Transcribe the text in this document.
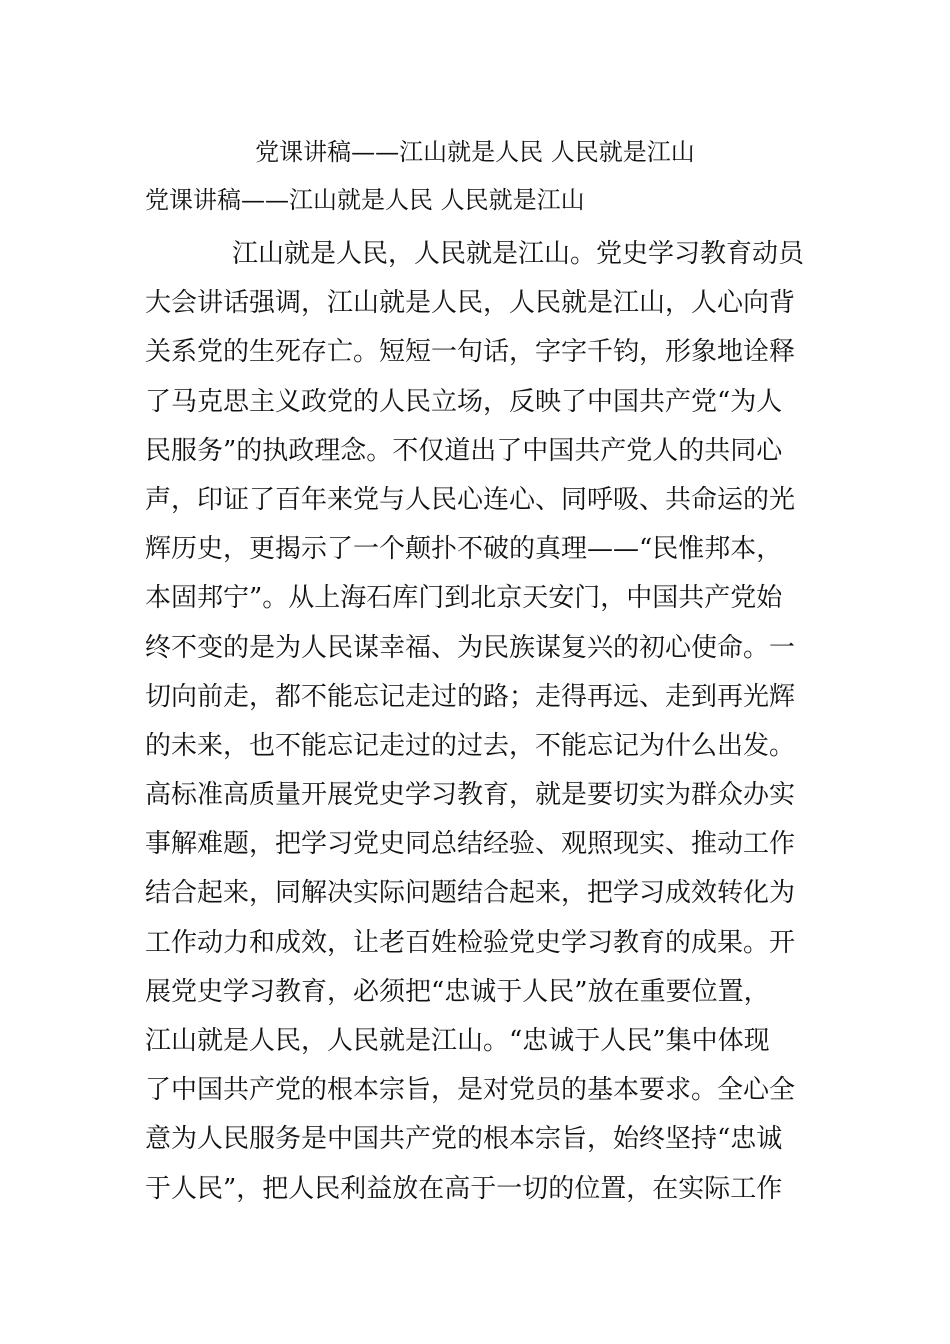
党课讲稿——江山就是人民 人民就是江山
党课讲稿——江山就是人民 人民就是江山
江山就是人民，人民就是江山。党史学习教育动员
大会讲话强调，江山就是人民，人民就是江山，人心向背
关系党的生死存亡。短短一句话，字字千钧，形象地诠释
了马克思主义政党的人民立场，反映了中国共产党“为人
民服务”的执政理念。不仅道出了中国共产党人的共同心
声，印证了百年来党与人民心连心、同呼吸、共命运的光
辉历史，更揭示了一个颠扑不破的真理——“民惟邦本，
本固邦宁”。从上海石库门到北京天安门，中国共产党始
终不变的是为人民谋幸福、为民族谋复兴的初心使命。一
切向前走，都不能忘记走过的路；走得再远、走到再光辉
的未来，也不能忘记走过的过去，不能忘记为什么出发。
高标准高质量开展党史学习教育，就是要切实为群众办实
事解难题，把学习党史同总结经验、观照现实、推动工作
结合起来，同解决实际问题结合起来，把学习成效转化为
工作动力和成效，让老百姓检验党史学习教育的成果。开
展党史学习教育，必须把“忠诚于人民”放在重要位置，
江山就是人民，人民就是江山。“忠诚于人民”集中体现
了中国共产党的根本宗旨，是对党员的基本要求。全心全
意为人民服务是中国共产党的根本宗旨，始终坚持“忠诚
于人民”，把人民利益放在高于一切的位置，在实际工作
